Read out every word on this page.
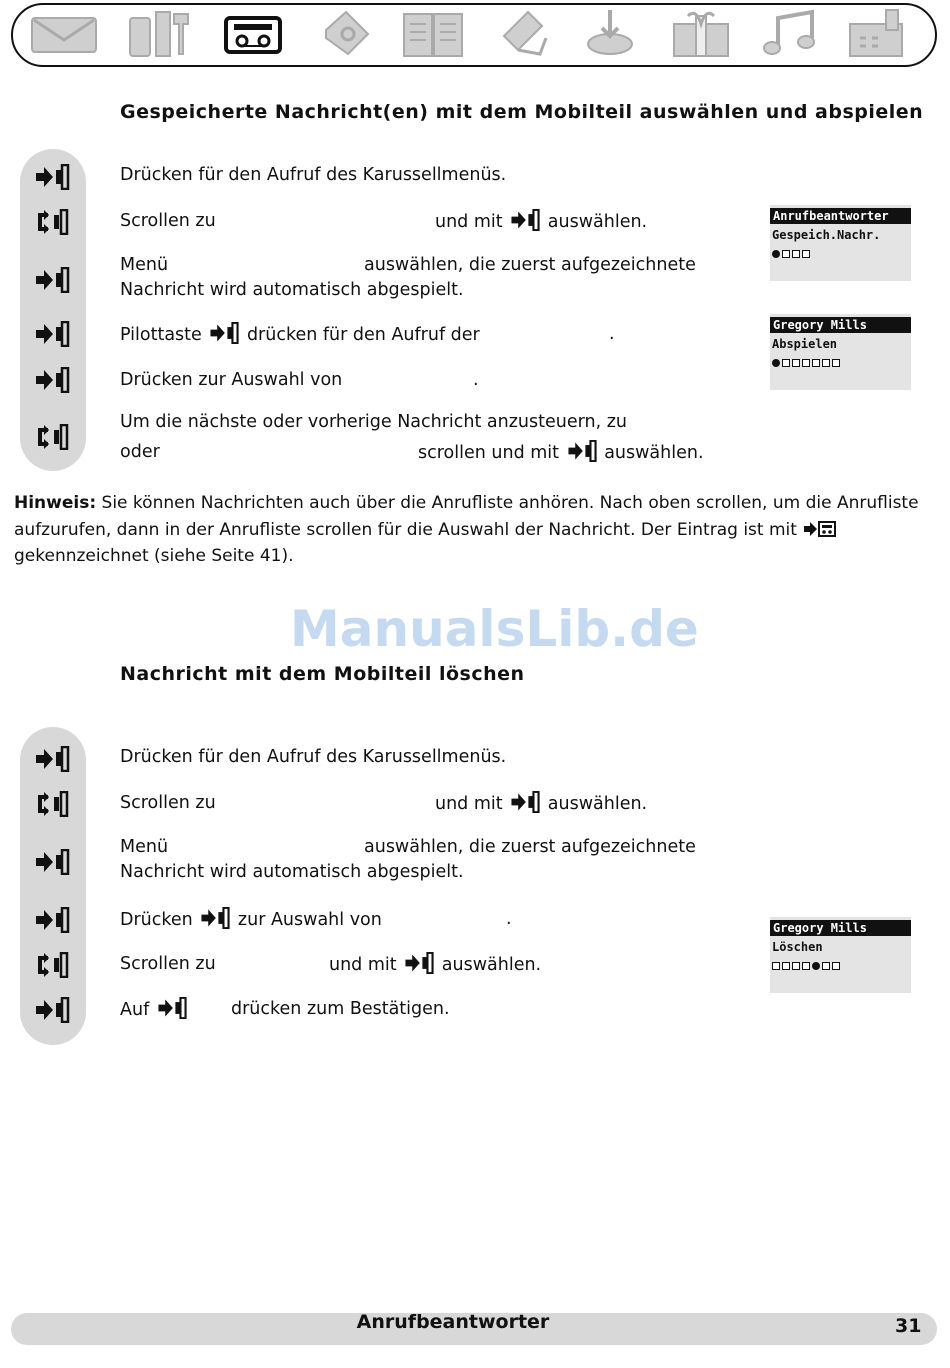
Gespeicherte Nachricht(en) mit dem Mobilteil auswählen und abspielen
Drücken für den Aufruf des Karussellmenüs.
Scrollen zu	und mit	auswählen.
Menü	auswählen, die zuerst aufgezeichnete
Nachricht wird automatisch abgespielt.
Pilottaste	drücken für den Aufruf der	.
Drücken zur Auswahl von	.
Um die nächste oder vorherige Nachricht anzusteuern, zu
oder	scrollen und mit	auswählen.
Anrufbeantworter
Gespeich.Nachr.
Gregory Mills
Abspielen
Hinweis: Sie können Nachrichten auch über die Anrufliste anhören. Nach oben scrollen, um die Anrufliste aufzurufen, dann in der Anrufliste scrollen für die Auswahl der Nachricht. Der Eintrag ist mit  gekennzeichnet (siehe Seite 41).
ManualsLib.de
Nachricht mit dem Mobilteil löschen
Drücken für den Aufruf des Karussellmenüs.
Scrollen zu	und mit	auswählen.
Menü	auswählen, die zuerst aufgezeichnete
Nachricht wird automatisch abgespielt.
Drücken	zur Auswahl von	.
Scrollen zu	und mit	auswählen.
Auf	drücken zum Bestätigen.
Gregory Mills
Löschen
Anrufbeantworter	31
